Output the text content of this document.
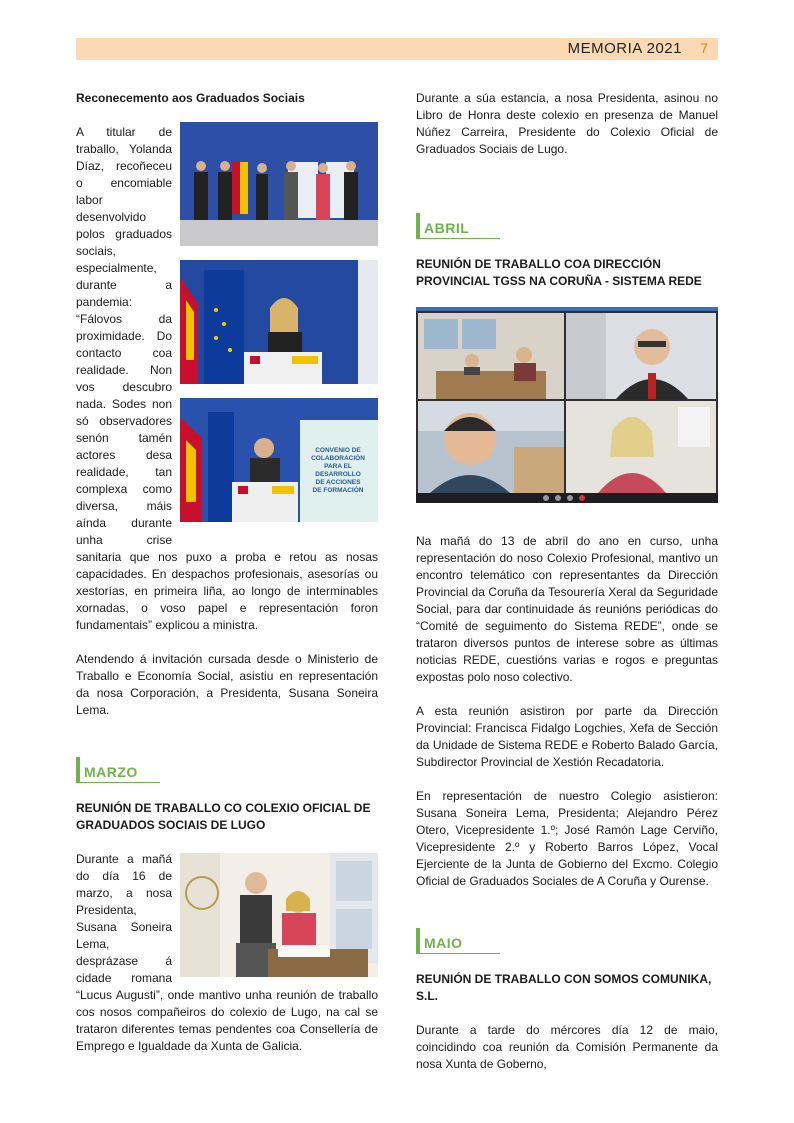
MEMORIA 2021 7

Reconecemento aos Graduados Sociais

CONVENIO DE
COLABORACIÓN
PARA EL
DESARROLLO
DE ACCIONES
DE FORMACIÓN

A titular de traballo, Yolanda Díaz, recoñeceu o encomiable labor desenvolvido polos graduados sociais, especialmente, durante a pandemia: “Fálovos da proximidade. Do contacto coa realidade. Non vos descubro nada. Sodes non só observadores senón tamén actores desa realidade, tan complexa como diversa, máis aínda durante unha crise sanitaria que nos puxo a proba e retou as nosas capacidades. En despachos profesionais, asesorías ou xestorías, en primeira liña, ao longo de interminables xornadas, o voso papel e representación foron fundamentais” explicou a ministra.

Atendendo á invitación cursada desde o Ministerio de Traballo e Economía Social, asistiu en representación da nosa Corporación, a Presidenta, Susana Soneira Lema.

MARZO

REUNIÓN DE TRABALLO CO COLEXIO OFICIAL DE GRADUADOS SOCIAIS DE LUGO

Durante a mañá do día 16 de marzo, a nosa Presidenta, Susana Soneira Lema, desprázase á cidade romana “Lucus Augusti”, onde mantivo unha reunión de traballo cos nosos compañeiros do colexio de Lugo, na cal se trataron diferentes temas pendentes coa Consellería de Emprego e Igualdade da Xunta de Galicia.

Durante a súa estancia, a nosa Presidenta, asinou no Libro de Honra deste colexio en presenza de Manuel Núñez Carreira, Presidente do Colexio Oficial de Graduados Sociais de Lugo.

ABRIL

REUNIÓN DE TRABALLO COA DIRECCIÓN PROVINCIAL TGSS NA CORUÑA - SISTEMA REDE

Na mañá do 13 de abril do ano en curso, unha representación do noso Colexio Profesional, mantivo un encontro telemático con representantes da Dirección Provincial da Coruña da Tesourería Xeral da Seguridade Social, para dar continuidade ás reunións periódicas do “Comité de seguimento do Sistema REDE”, onde se trataron diversos puntos de interese sobre as últimas noticias REDE, cuestións varias e rogos e preguntas expostas polo noso colectivo.

A esta reunión asistiron por parte da Dirección Provincial: Francisca Fidalgo Logchies, Xefa de Sección da Unidade de Sistema REDE e Roberto Balado García, Subdirector Provincial de Xestión Recadatoria.

En representación de nuestro Colegio asistieron: Susana Soneira Lema, Presidenta; Alejandro Pérez Otero, Vicepresidente 1.º; José Ramón Lage Cerviño, Vicepresidente 2.º y Roberto Barros López, Vocal Ejerciente de la Junta de Gobierno del Excmo. Colegio Oficial de Graduados Sociales de A Coruña y Ourense.

MAIO

REUNIÓN DE TRABALLO CON SOMOS COMUNIKA, S.L.

Durante a tarde do mércores día 12 de maio, coincidindo coa reunión da Comisión Permanente da nosa Xunta de Goberno,
